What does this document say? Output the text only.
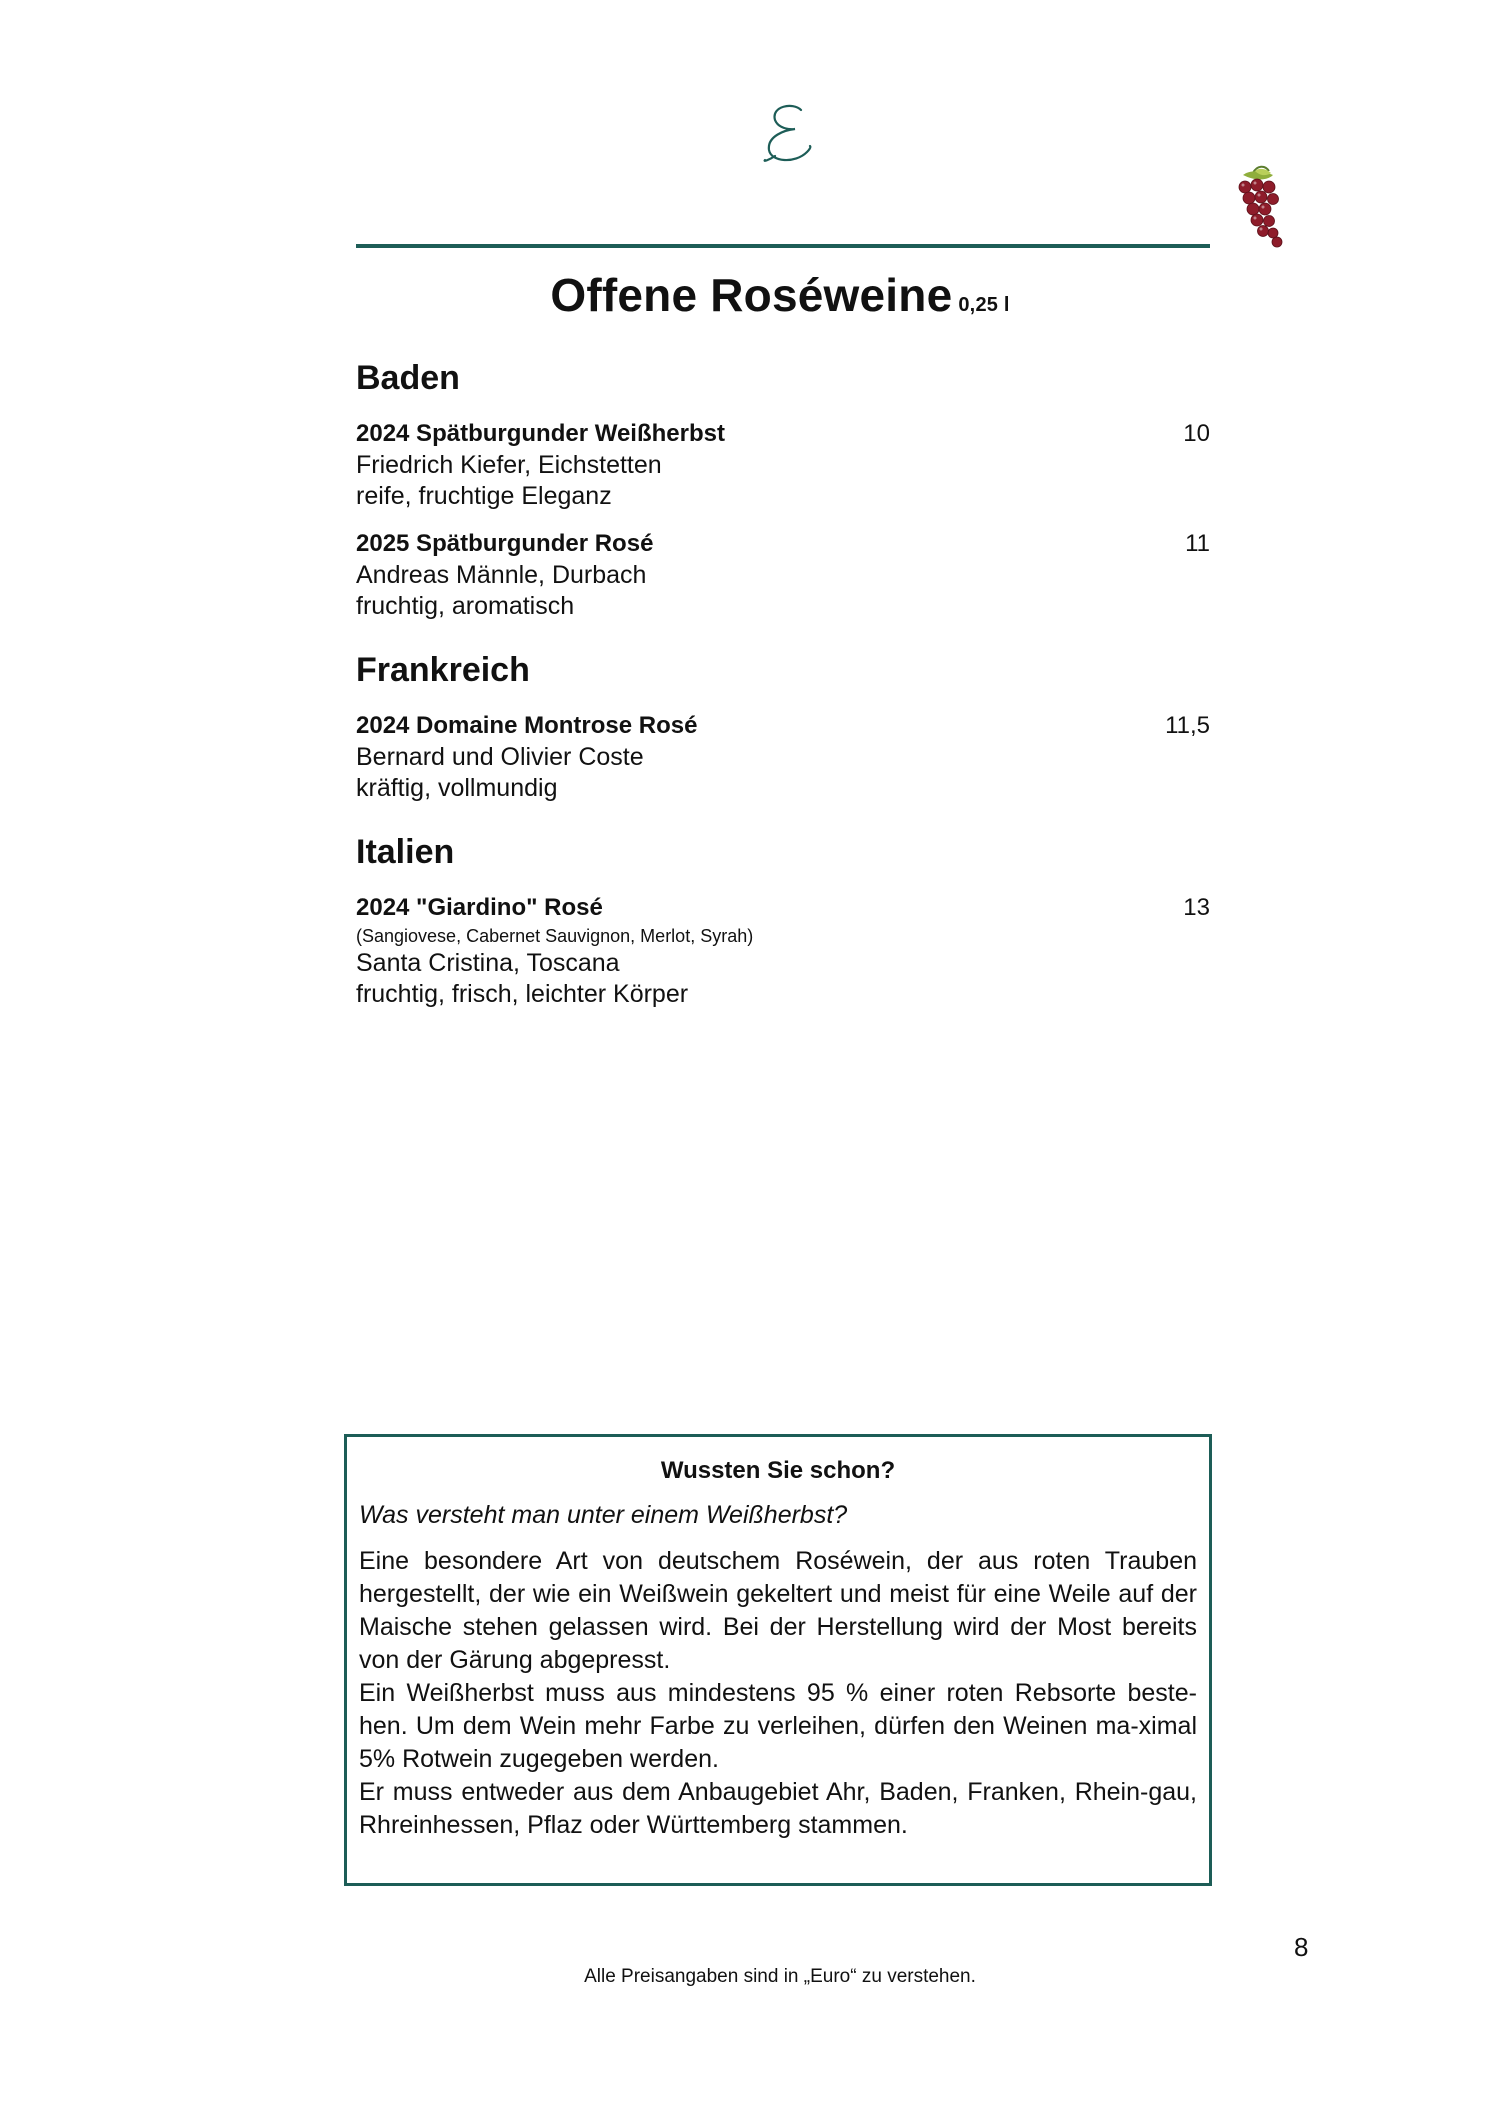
Offene Roséweine 0,25 l
Baden
2024 Spätburgunder Weißherbst	10
Friedrich Kiefer, Eichstetten
reife, fruchtige Eleganz
2025 Spätburgunder Rosé	11
Andreas Männle, Durbach
fruchtig, aromatisch
Frankreich
2024 Domaine Montrose Rosé	11,5
Bernard und Olivier Coste
kräftig, vollmundig
Italien
2024 "Giardino" Rosé	13
(Sangiovese, Cabernet Sauvignon, Merlot, Syrah)
Santa Cristina, Toscana
fruchtig, frisch, leichter Körper
Wussten Sie schon?
Was versteht man unter einem Weißherbst?
Eine besondere Art von deutschem Roséwein, der aus roten Trauben hergestellt, der wie ein Weißwein gekeltert und meist für eine Weile auf der Maische stehen gelassen wird. Bei der Herstellung wird der Most bereits von der Gärung abgepresst.
Ein Weißherbst muss aus mindestens 95 % einer roten Rebsorte beste-hen. Um dem Wein mehr Farbe zu verleihen, dürfen den Weinen ma-ximal 5% Rotwein zugegeben werden.
Er muss entweder aus dem Anbaugebiet Ahr, Baden, Franken, Rhein-gau, Rhreinhessen, Pflaz oder Württemberg stammen.
8
Alle Preisangaben sind in „Euro“ zu verstehen.
